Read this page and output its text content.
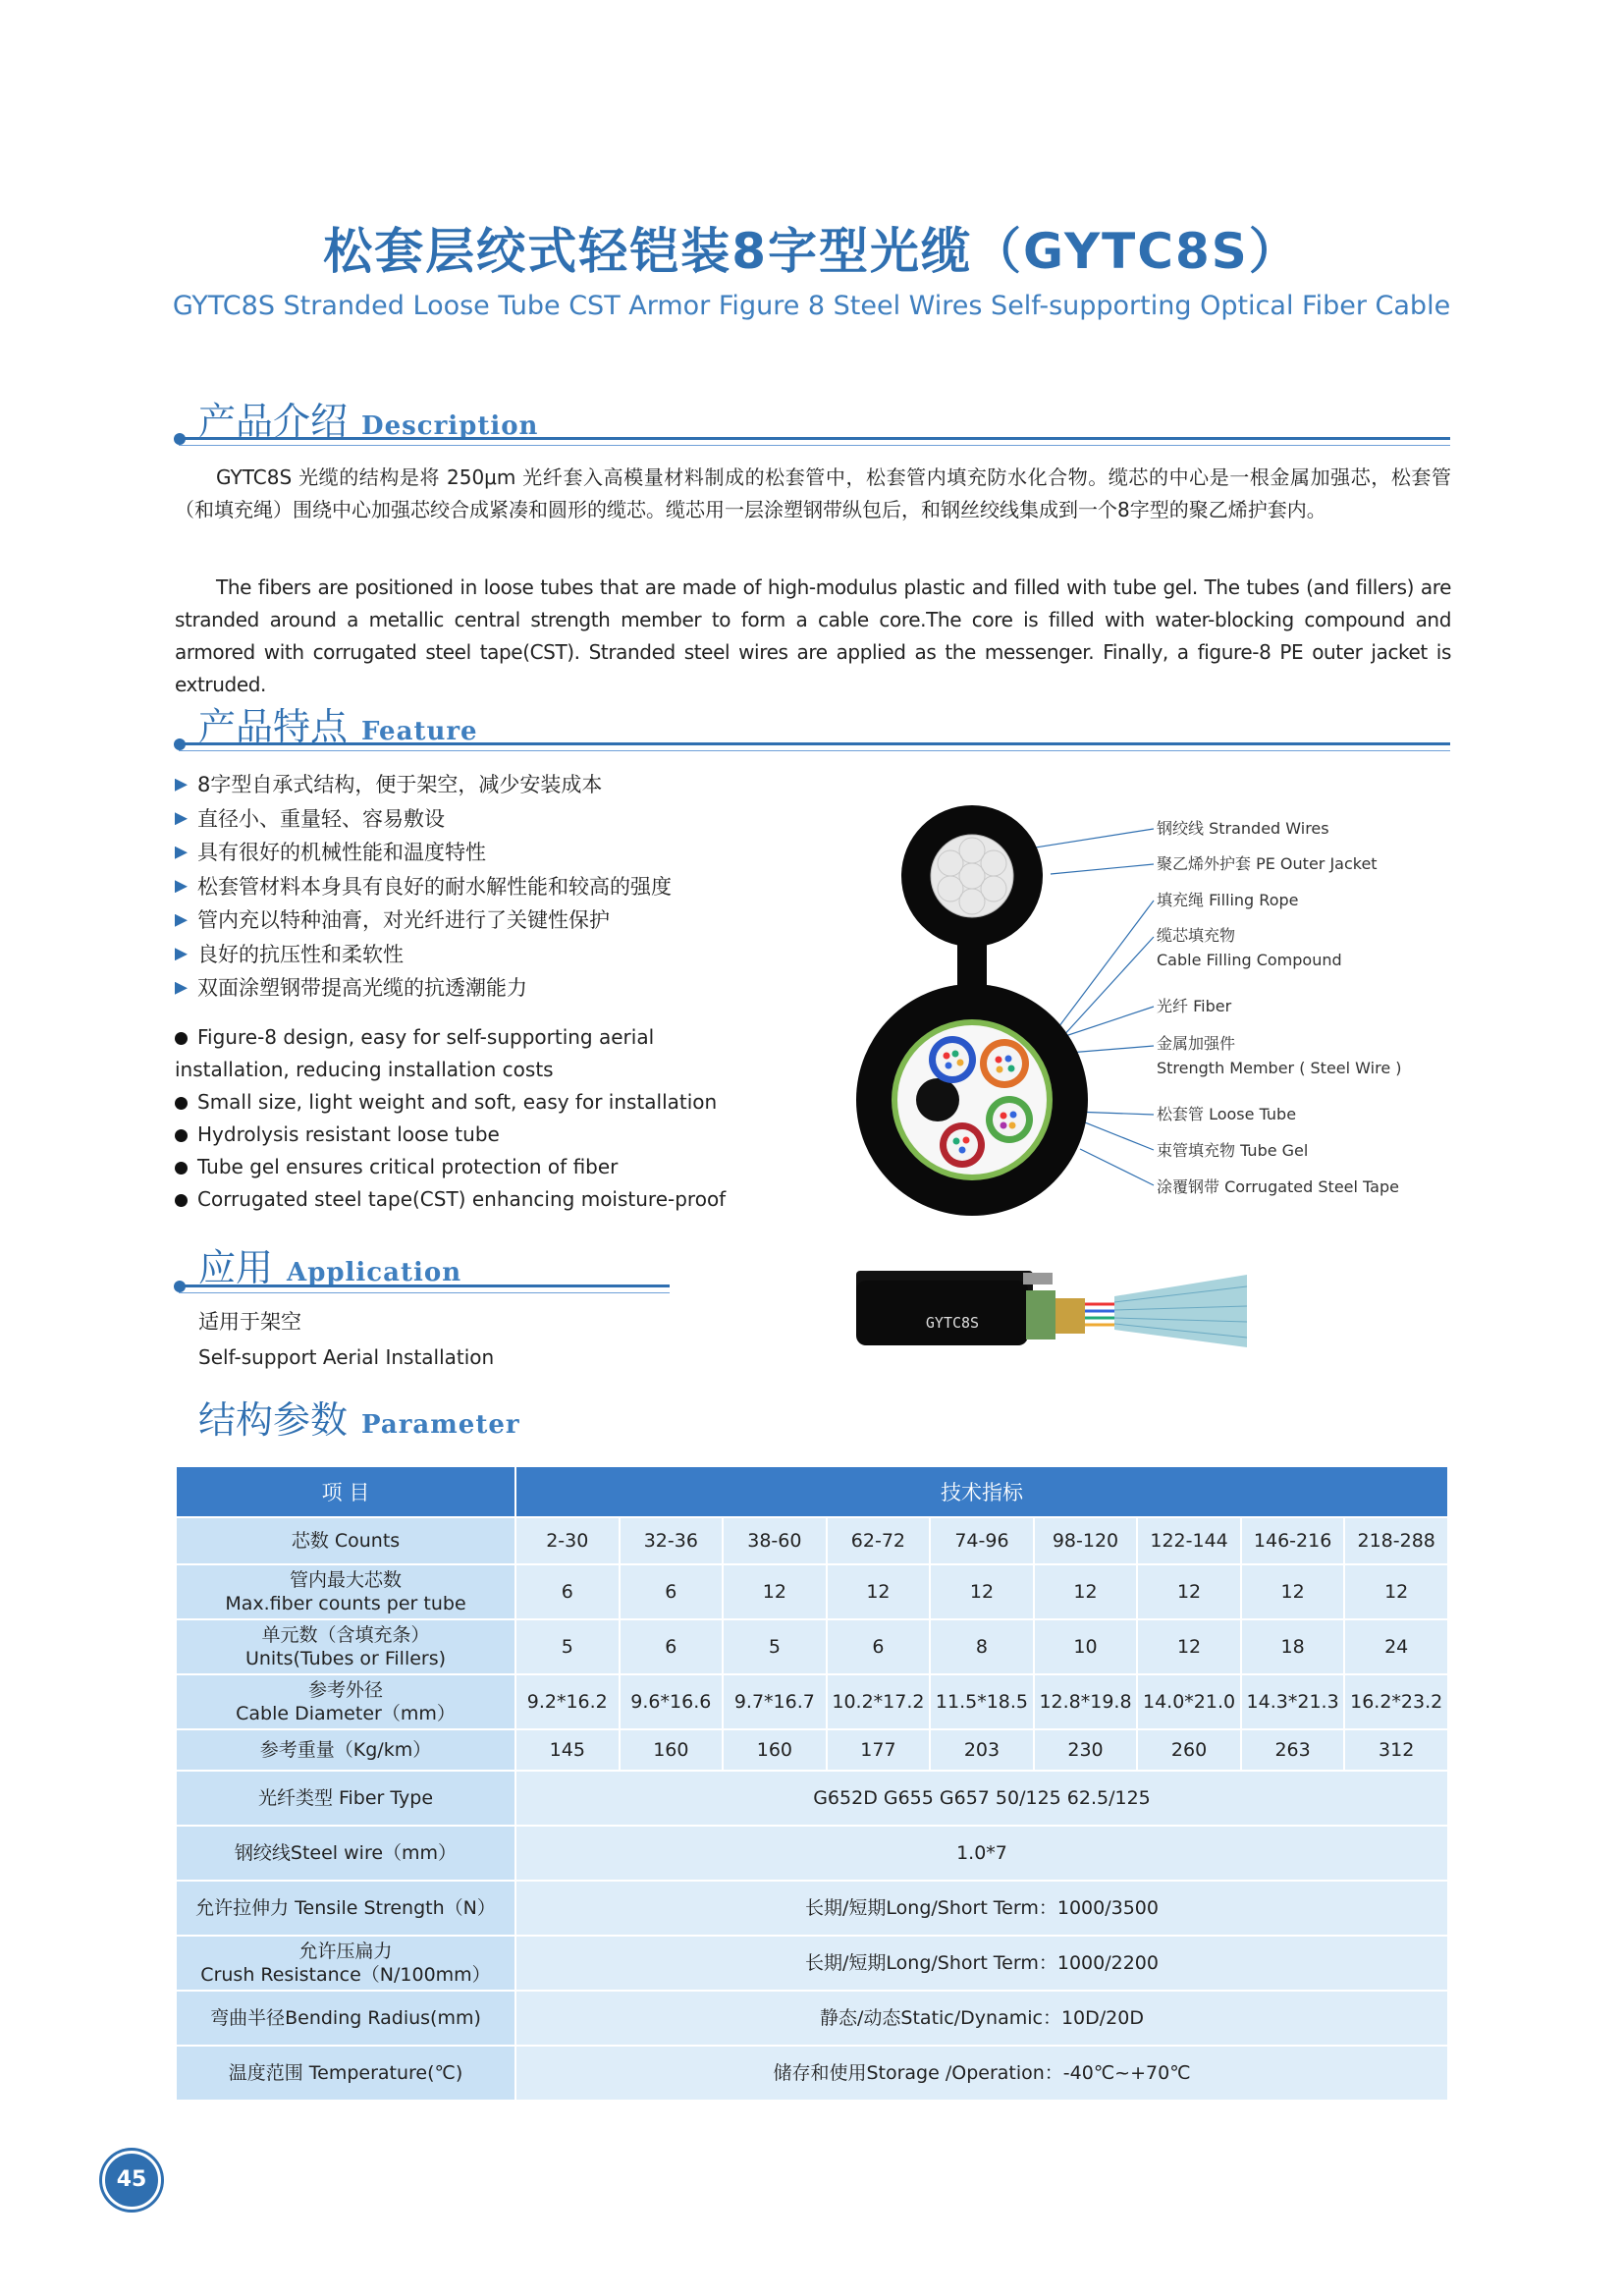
松套层绞式轻铠装8字型光缆（GYTC8S）
GYTC8S Stranded Loose Tube CST Armor Figure 8 Steel Wires Self-supporting Optical Fiber Cable
产品介绍 Description
GYTC8S 光缆的结构是将 250μm 光纤套入高模量材料制成的松套管中，松套管内填充防水化合物。缆芯的中心是一根金属加强芯，松套管（和填充绳）围绕中心加强芯绞合成紧凑和圆形的缆芯。缆芯用一层涂塑钢带纵包后，和钢丝绞线集成到一个8字型的聚乙烯护套内。
The fibers are positioned in loose tubes that are made of high-modulus plastic and filled with tube gel. The tubes (and fillers) are stranded around a metallic central strength member to form a cable core.The core is filled with water-blocking compound and armored with corrugated steel tape(CST). Stranded steel wires are applied as the messenger. Finally, a figure-8 PE outer jacket is extruded.
产品特点 Feature
8字型自承式结构，便于架空，减少安装成本
直径小、重量轻、容易敷设
具有很好的机械性能和温度特性
松套管材料本身具有良好的耐水解性能和较高的强度
管内充以特种油膏，对光纤进行了关键性保护
良好的抗压性和柔软性
双面涂塑钢带提高光缆的抗透潮能力
Figure-8 design, easy for self-supporting aerial installation, reducing installation costs
Small size, light weight and soft, easy for installation
Hydrolysis resistant loose tube
Tube gel ensures critical protection of fiber
Corrugated steel tape(CST) enhancing moisture-proof
钢绞线 Stranded Wires
聚乙烯外护套 PE Outer Jacket
填充绳 Filling Rope
缆芯填充物
Cable Filling Compound
光纤 Fiber
金属加强件
Strength Member ( Steel Wire )
松套管 Loose Tube
束管填充物 Tube Gel
涂覆钢带 Corrugated Steel Tape
应用 Application
适用于架空
Self-support Aerial Installation
GYTC8S
结构参数 Parameter
项 目	技术指标								

芯数 Counts	2-30	32-36	38-60	62-72	74-96	98-120	122-144	146-216	218-288

管内最大芯数
Max.fiber counts per tube	6	6	12	12	12	12	12	12	12

单元数（含填充条）
Units(Tubes or Fillers)	5	6	5	6	8	10	12	18	24

参考外径
Cable Diameter（mm）	9.2*16.2	9.6*16.6	9.7*16.7	10.2*17.2	11.5*18.5	12.8*19.8	14.0*21.0	14.3*21.3	16.2*23.2

参考重量（Kg/km）	145	160	160	177	203	230	260	263	312

光纤类型 Fiber Type	G652D G655 G657 50/125 62.5/125								

钢绞线Steel wire（mm）	1.0*7								

允许拉伸力 Tensile Strength（N）	长期/短期Long/Short Term：1000/3500								

允许压扁力
Crush Resistance（N/100mm）	长期/短期Long/Short Term：1000/2200								

弯曲半径Bending Radius(mm)	静态/动态Static/Dynamic：10D/20D								

温度范围 Temperature(℃)	储存和使用Storage /Operation：-40℃~+70℃								
45
